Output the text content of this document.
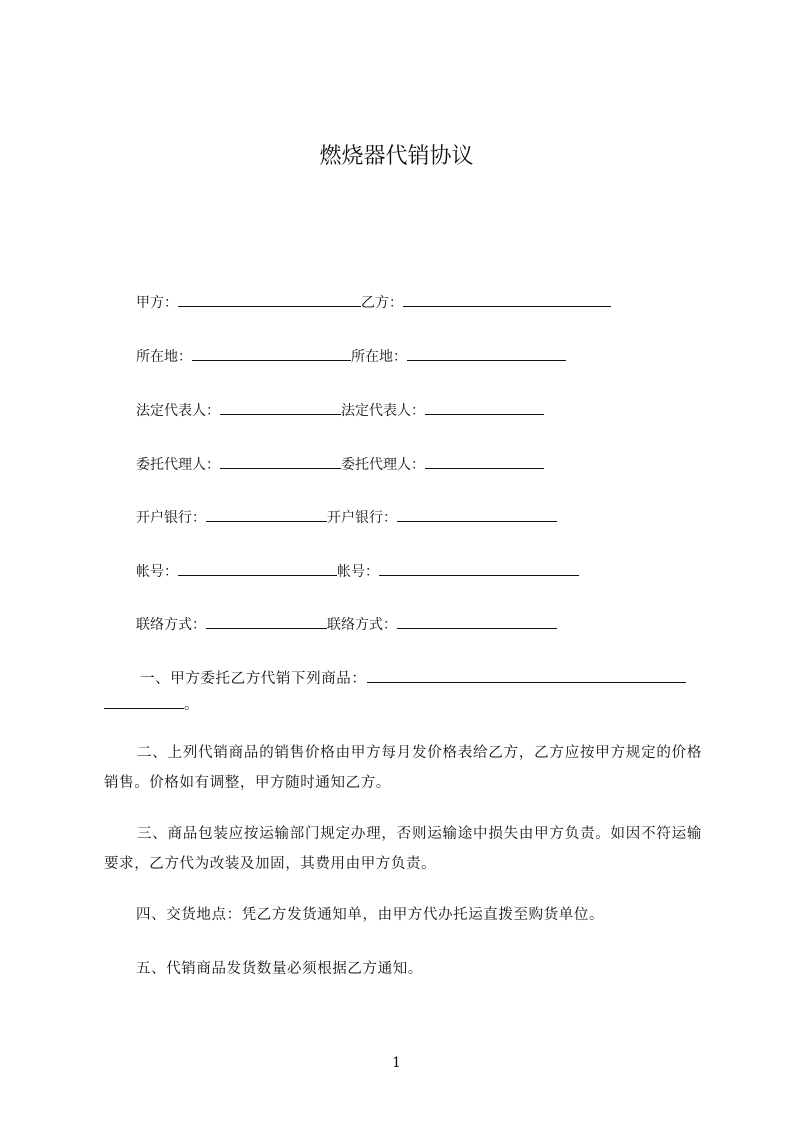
燃烧器代销协议
甲方：	乙方：
所在地：	所在地：
法定代表人：	法定代表人：
委托代理人：	委托代理人：
开户银行：	开户银行：
帐号：	帐号：
联络方式：	联络方式：
一、甲方委托乙方代销下列商品：
。
二、上列代销商品的销售价格由甲方每月发价格表给乙方，乙方应按甲方规定的价格销售。价格如有调整，甲方随时通知乙方。
三、商品包装应按运输部门规定办理，否则运输途中损失由甲方负责。如因不符运输要求，乙方代为改装及加固，其费用由甲方负责。
四、交货地点：凭乙方发货通知单，由甲方代办托运直拨至购货单位。
五、代销商品发货数量必须根据乙方通知。
1
